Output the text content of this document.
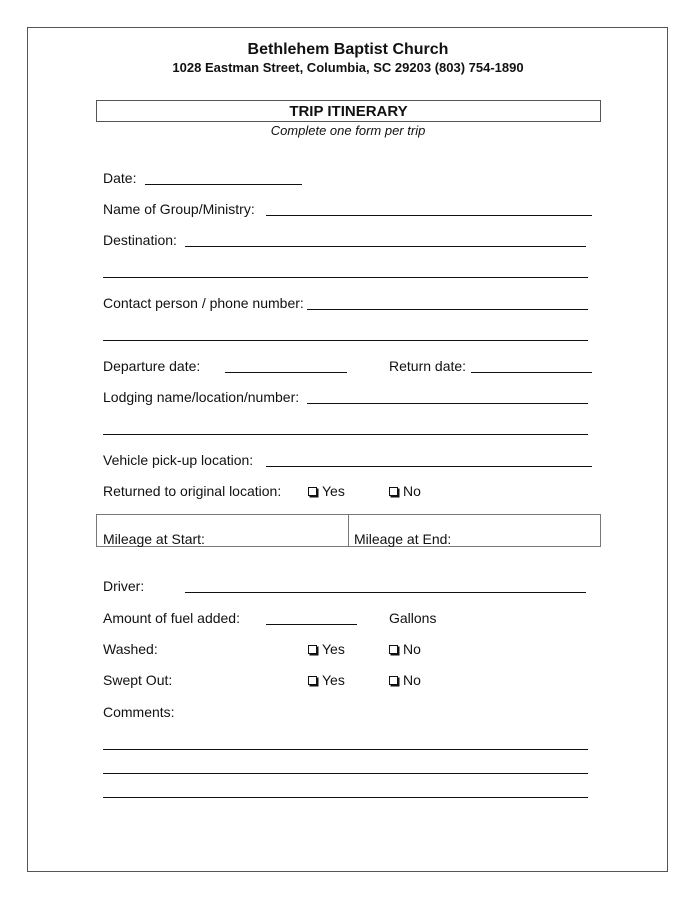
Bethlehem Baptist Church
1028 Eastman Street, Columbia, SC 29203 (803) 754-1890
TRIP ITINERARY
Complete one form per trip
Date:
Name of Group/Ministry:
Destination:
Contact person / phone number:
Departure date:	Return date:
Lodging name/location/number:
Vehicle pick-up location:
Returned to original location:	Yes	No
Mileage at Start:	Mileage at End:
Driver:
Amount of fuel added:	Gallons
Washed:	Yes	No
Swept Out:	Yes	No
Comments:
